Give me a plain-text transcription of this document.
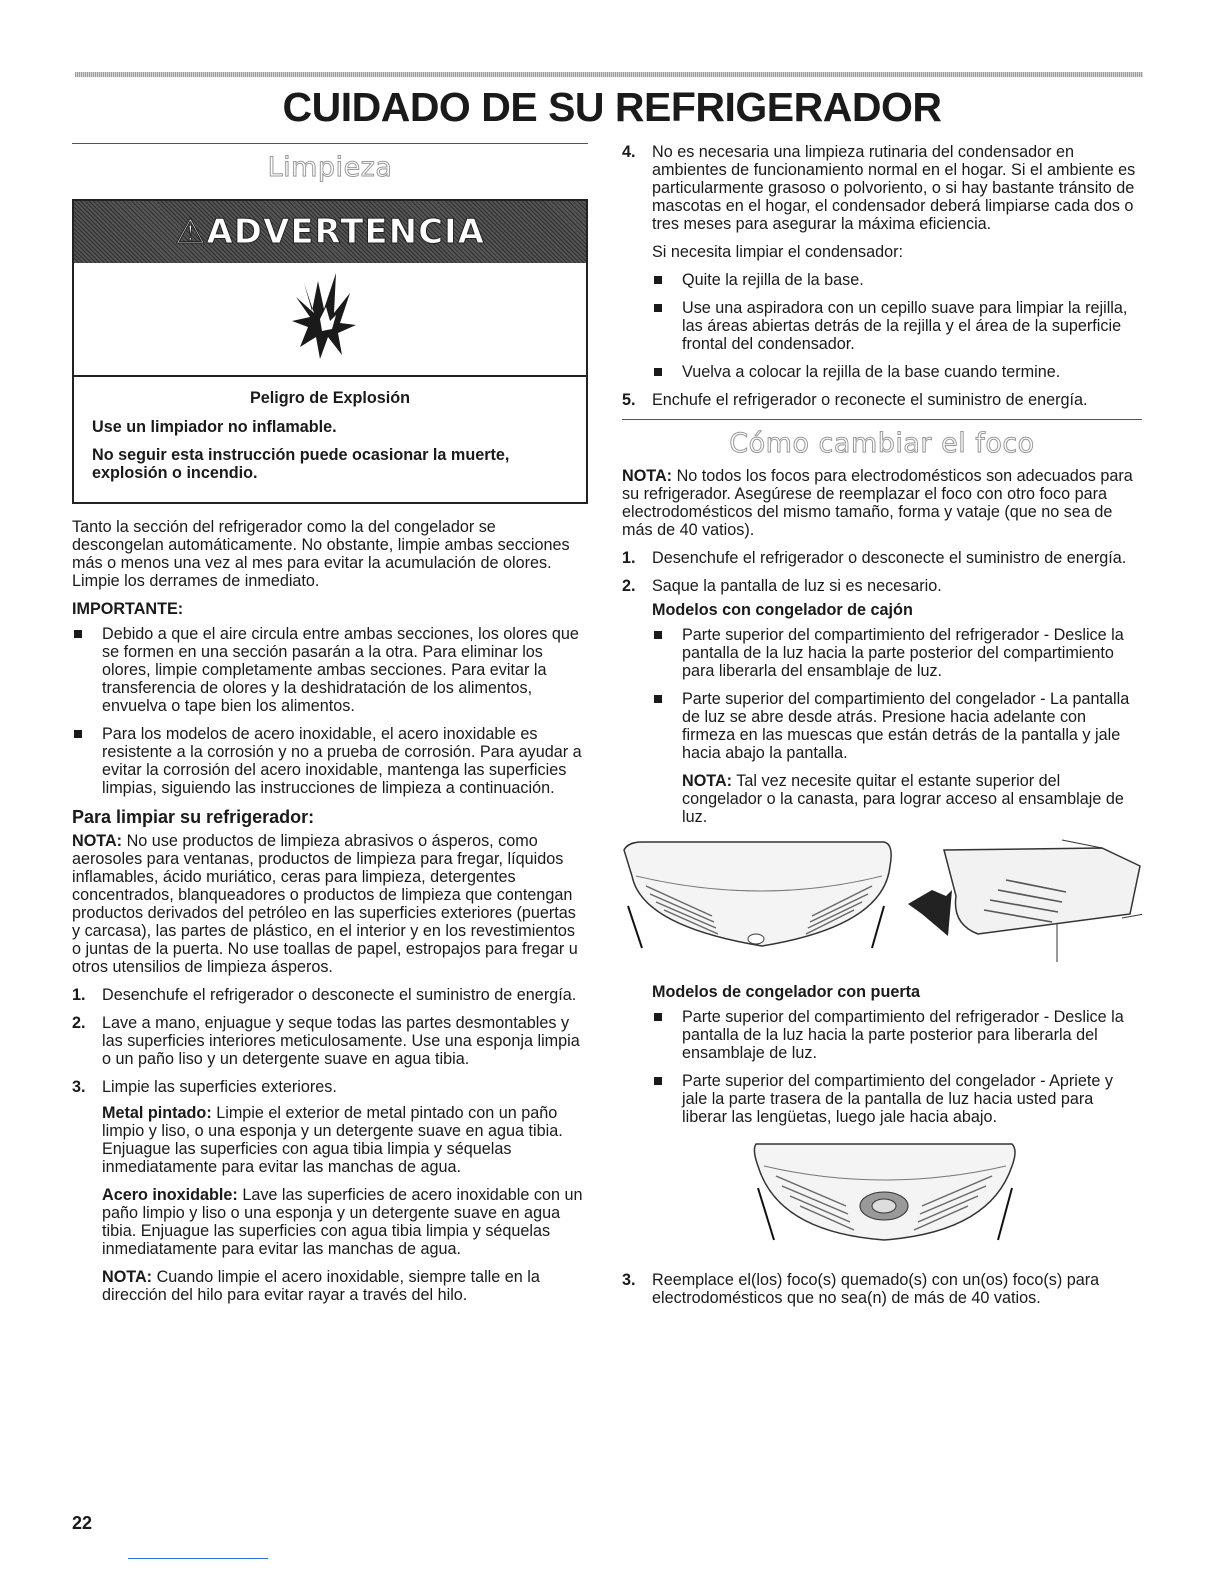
CUIDADO DE SU REFRIGERADOR
Limpieza
⚠ADVERTENCIA
Peligro de Explosión

Use un limpiador no inflamable.

No seguir esta instrucción puede ocasionar la muerte, explosión o incendio.

Tanto la sección del refrigerador como la del congelador se descongelan automáticamente. No obstante, limpie ambas secciones más o menos una vez al mes para evitar la acumulación de olores. Limpie los derrames de inmediato.

IMPORTANTE:
Debido a que el aire circula entre ambas secciones, los olores que se formen en una sección pasarán a la otra. Para eliminar los olores, limpie completamente ambas secciones. Para evitar la transferencia de olores y la deshidratación de los alimentos, envuelva o tape bien los alimentos.
Para los modelos de acero inoxidable, el acero inoxidable es resistente a la corrosión y no a prueba de corrosión. Para ayudar a evitar la corrosión del acero inoxidable, mantenga las superficies limpias, siguiendo las instrucciones de limpieza a continuación.
Para limpiar su refrigerador:

NOTA: No use productos de limpieza abrasivos o ásperos, como aerosoles para ventanas, productos de limpieza para fregar, líquidos inflamables, ácido muriático, ceras para limpieza, detergentes concentrados, blanqueadores o productos de limpieza que contengan productos derivados del petróleo en las superficies exteriores (puertas y carcasa), las partes de plástico, en el interior y en los revestimientos o juntas de la puerta. No use toallas de papel, estropajos para fregar u otros utensilios de limpieza ásperos.

1. Desenchufe el refrigerador o desconecte el suministro de energía.
2. Lave a mano, enjuague y seque todas las partes desmontables y las superficies interiores meticulosamente. Use una esponja limpia o un paño liso y un detergente suave en agua tibia.
3. Limpie las superficies exteriores.

Metal pintado: Limpie el exterior de metal pintado con un paño limpio y liso, o una esponja y un detergente suave en agua tibia. Enjuague las superficies con agua tibia limpia y séquelas inmediatamente para evitar las manchas de agua.

Acero inoxidable: Lave las superficies de acero inoxidable con un paño limpio y liso o una esponja y un detergente suave en agua tibia. Enjuague las superficies con agua tibia limpia y séquelas inmediatamente para evitar las manchas de agua.

NOTA: Cuando limpie el acero inoxidable, siempre talle en la dirección del hilo para evitar rayar a través del hilo.

4. No es necesaria una limpieza rutinaria del condensador en ambientes de funcionamiento normal en el hogar. Si el ambiente es particularmente grasoso o polvoriento, o si hay bastante tránsito de mascotas en el hogar, el condensador deberá limpiarse cada dos o tres meses para asegurar la máxima eficiencia.

Si necesita limpiar el condensador:

Quite la rejilla de la base.
Use una aspiradora con un cepillo suave para limpiar la rejilla, las áreas abiertas detrás de la rejilla y el área de la superficie frontal del condensador.
Vuelva a colocar la rejilla de la base cuando termine.
5. Enchufe el refrigerador o reconecte el suministro de energía.
Cómo cambiar el foco

NOTA: No todos los focos para electrodomésticos son adecuados para su refrigerador. Asegúrese de reemplazar el foco con otro foco para electrodomésticos del mismo tamaño, forma y vataje (que no sea de más de 40 vatios).

1. Desenchufe el refrigerador o desconecte el suministro de energía.
2. Saque la pantalla de luz si es necesario.
Modelos con congelador de cajón
Parte superior del compartimiento del refrigerador - Deslice la pantalla de la luz hacia la parte posterior del compartimiento para liberarla del ensamblaje de luz.
Parte superior del compartimiento del congelador - La pantalla de luz se abre desde atrás. Presione hacia adelante con firmeza en las muescas que están detrás de la pantalla y jale hacia abajo la pantalla.

NOTA: Tal vez necesite quitar el estante superior del congelador o la canasta, para lograr acceso al ensamblaje de luz.

Modelos de congelador con puerta
Parte superior del compartimiento del refrigerador - Deslice la pantalla de la luz hacia la parte posterior para liberarla del ensamblaje de luz.
Parte superior del compartimiento del congelador - Apriete y jale la parte trasera de la pantalla de luz hacia usted para liberar las lengüetas, luego jale hacia abajo.
3. Reemplace el(los) foco(s) quemado(s) con un(os) foco(s) para electrodomésticos que no sea(n) de más de 40 vatios.
22
